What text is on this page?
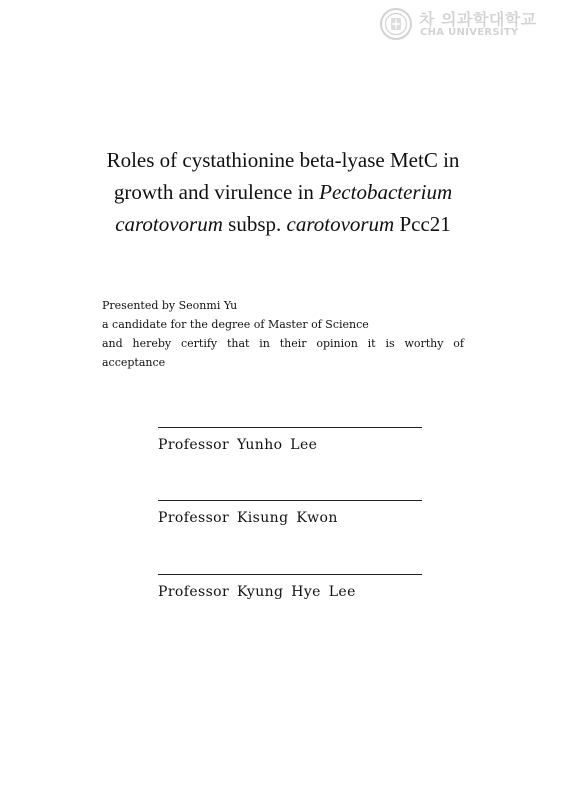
차 의과학대학교
CHA UNIVERSITY
Roles of cystathionine beta-lyase MetC in
growth and virulence in Pectobacterium
carotovorum subsp. carotovorum Pcc21
Presented by Seonmi Yu
a candidate for the degree of Master of Science
and hereby certify that in their opinion it is worthy of
acceptance
Professor Yunho Lee
Professor Kisung Kwon
Professor Kyung Hye Lee
